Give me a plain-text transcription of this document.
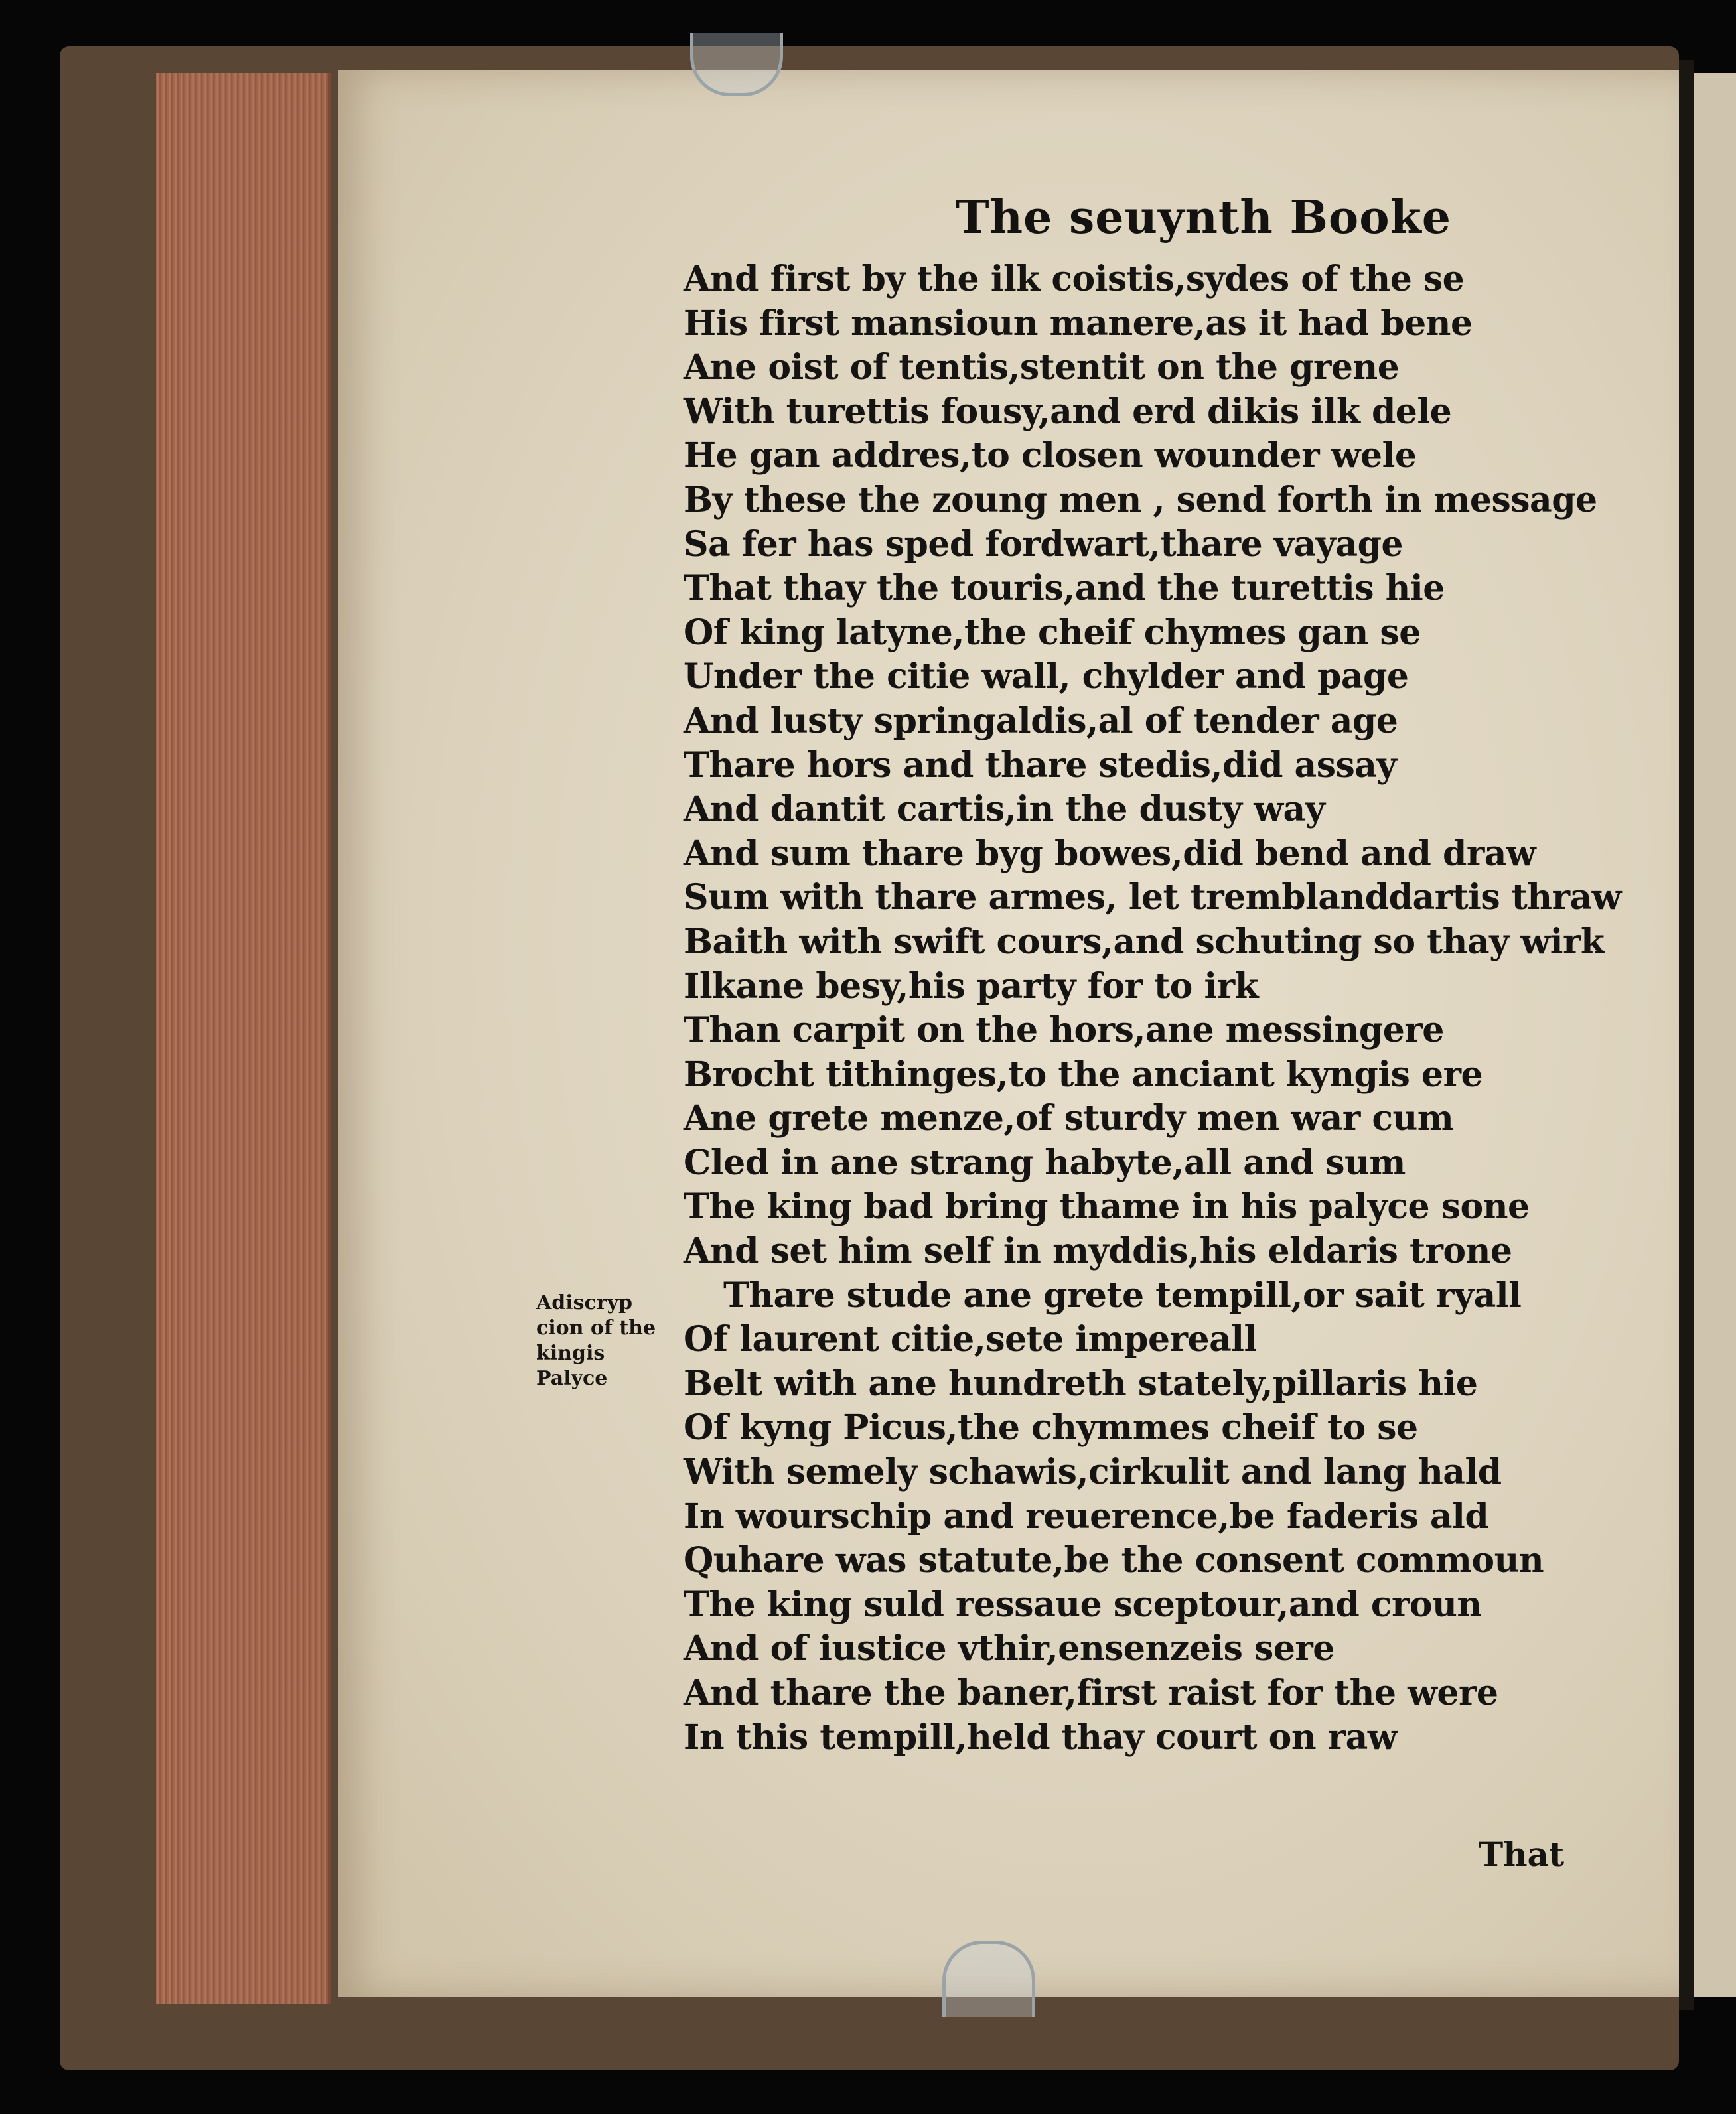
The seuynth Booke
And first by the ilk coistis,sydes of the se
His first mansioun manere,as it had bene
Ane oist of tentis,stentit on the grene
With turettis fousy,and erd dikis ilk dele
He gan addres,to closen wounder wele
By these the zoung men , send forth in message
Sa fer has sped fordwart,thare vayage
That thay the touris,and the turettis hie
Of king latyne,the cheif chymes gan se
Under the citie wall, chylder and page
And lusty springaldis,al of tender age
Thare hors and thare stedis,did assay
And dantit cartis,in the dusty way
And sum thare byg bowes,did bend and draw
Sum with thare armes, let tremblanddartis thraw
Baith with swift cours,and schuting so thay wirk
Ilkane besy,his party for to irk
Than carpit on the hors,ane messingere
Brocht tithinges,to the anciant kyngis ere
Ane grete menze,of sturdy men war cum
Cled in ane strang habyte,all and sum
The king bad bring thame in his palyce sone
And set him self in myddis,his eldaris trone
Thare stude ane grete tempill,or sait ryall
Of laurent citie,sete impereall
Belt with ane hundreth stately,pillaris hie
Of kyng Picus,the chymmes cheif to se
With semely schawis,cirkulit and lang hald
In wourschip and reuerence,be faderis ald
Quhare was statute,be the consent commoun
The king suld ressaue sceptour,and croun
And of iustice vthir,ensenzeis sere
And thare the baner,first raist for the were
In this tempill,held thay court on raw
Adiscryp
cion of the
kingis
Palyce
That
